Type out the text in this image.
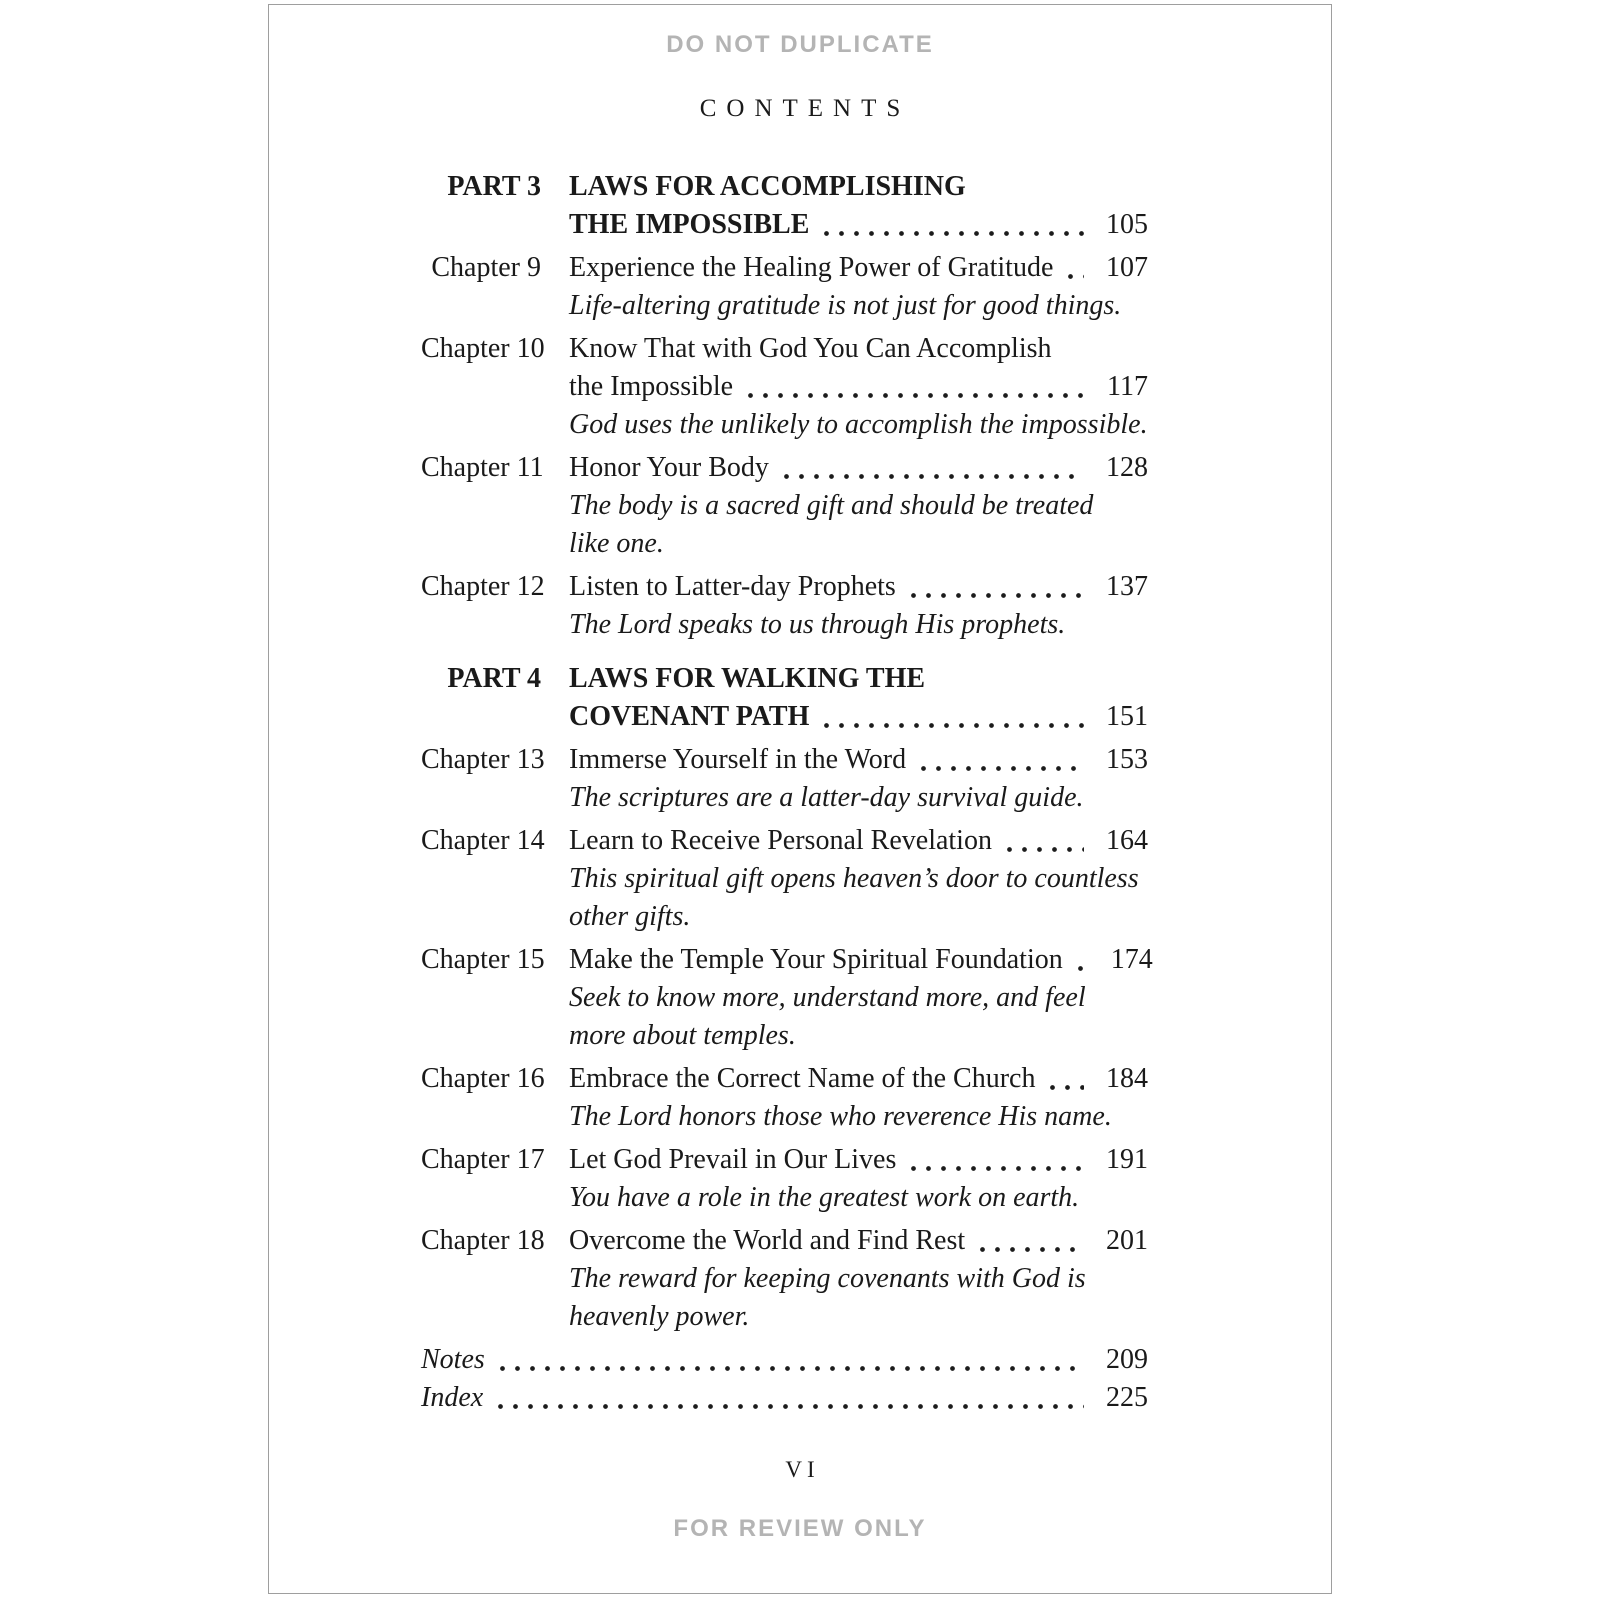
DO NOT DUPLICATE
CONTENTS
PART 3 LAWS FOR ACCOMPLISHING
THE IMPOSSIBLE	105
Chapter 9 Experience the Healing Power of Gratitude	107
Life-altering gratitude is not just for good things.
Chapter 10 Know That with God You Can Accomplish
the Impossible	117
God uses the unlikely to accomplish the impossible.
Chapter 11 Honor Your Body	128
The body is a sacred gift and should be treated
like one.
Chapter 12 Listen to Latter-day Prophets	137
The Lord speaks to us through His prophets.
PART 4 LAWS FOR WALKING THE
COVENANT PATH	151
Chapter 13 Immerse Yourself in the Word	153
The scriptures are a latter-day survival guide.
Chapter 14 Learn to Receive Personal Revelation	164
This spiritual gift opens heaven’s door to countless
other gifts.
Chapter 15 Make the Temple Your Spiritual Foundation	174
Seek to know more, understand more, and feel
more about temples.
Chapter 16 Embrace the Correct Name of the Church	184
The Lord honors those who reverence His name.
Chapter 17 Let God Prevail in Our Lives	191
You have a role in the greatest work on earth.
Chapter 18 Overcome the World and Find Rest	201
The reward for keeping covenants with God is
heavenly power.
Notes	209
Index	225
VI
FOR REVIEW ONLY
